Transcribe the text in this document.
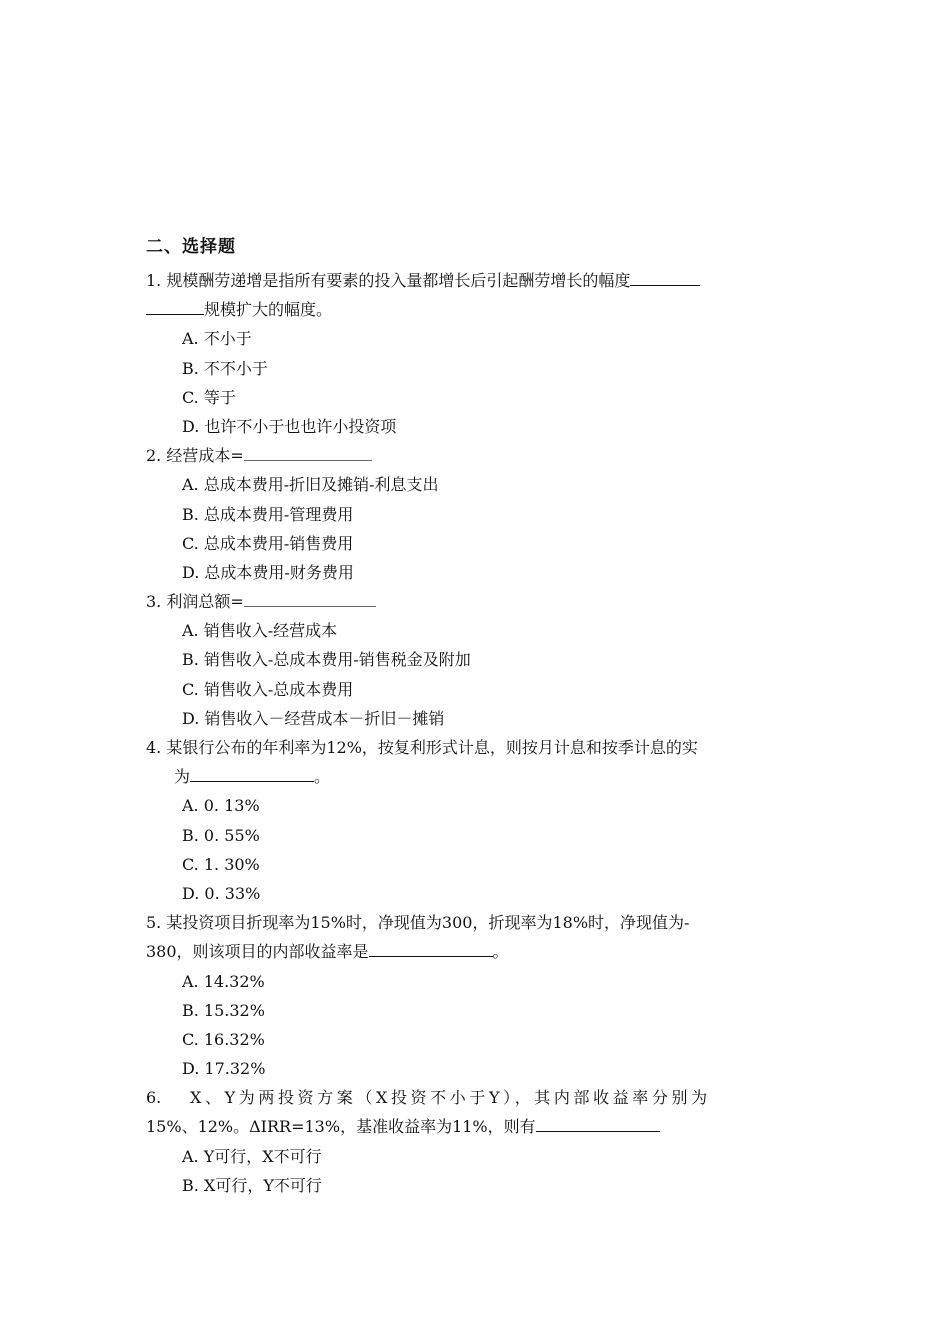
二、选择题
1. 规模酬劳递增是指所有要素的投入量都增长后引起酬劳增长的幅度
规模扩大的幅度。
A. 不小于
B. 不不小于
C. 等于
D. 也许不小于也也许小投资项
2. 经营成本=
A. 总成本费用-折旧及摊销-利息支出
B. 总成本费用-管理费用
C. 总成本费用-销售费用
D. 总成本费用-财务费用
3. 利润总额=
A. 销售收入-经营成本
B. 销售收入-总成本费用-销售税金及附加
C. 销售收入-总成本费用
D. 销售收入－经营成本－折旧－摊销
4. 某银行公布的年利率为12%，按复利形式计息，则按月计息和按季计息的实
为	。
A. 0. 13%
B. 0. 55%
C. 1. 30%
D. 0. 33%
5. 某投资项目折现率为15%时，净现值为300，折现率为18%时，净现值为-
380，则该项目的内部收益率是	。
A. 14.32%
B. 15.32%
C. 16.32%
D. 17.32%
6. X、Y为两投资方案（X投资不小于Y），其内部收益率分别为
15%、12%。ΔIRR=13%，基准收益率为11%，则有
A. Y可行，X不可行
B. X可行，Y不可行
